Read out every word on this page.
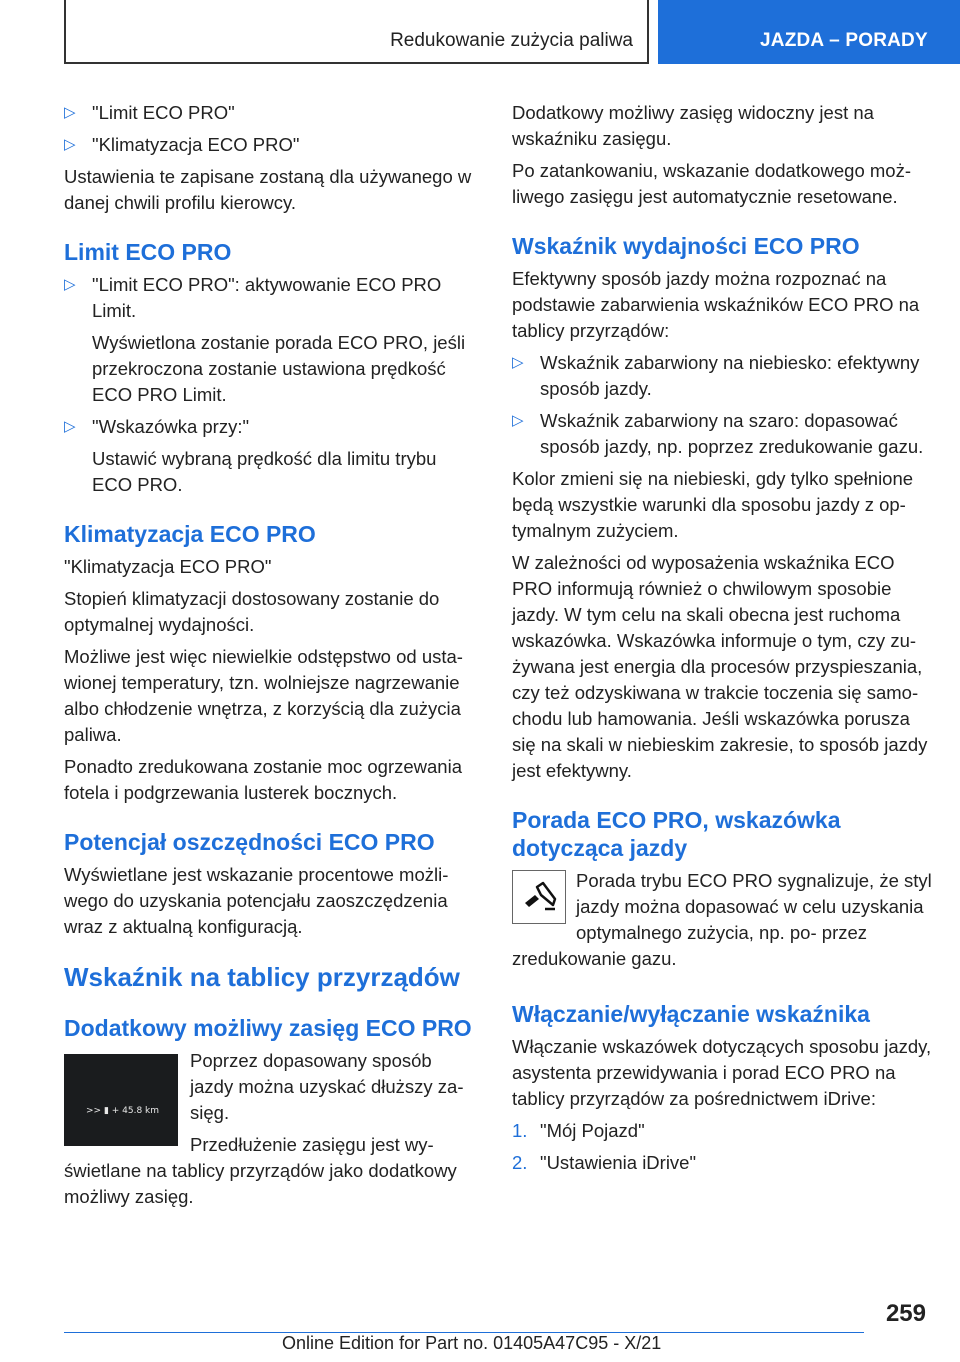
Redukowanie zużycia paliwa	JAZDA – PORADY
▷ "Limit ECO PRO"
▷ "Klimatyzacja ECO PRO"

Ustawienia te zapisane zostaną dla używanego w danej chwili profilu kierowcy.

Limit ECO PRO
▷ "Limit ECO PRO": aktywowanie ECO PRO Limit.
Wyświetlona zostanie porada ECO PRO, jeśli przekroczona zostanie ustawiona prędkość ECO PRO Limit.
▷ "Wskazówka przy:"
Ustawić wybraną prędkość dla limitu trybu ECO PRO.
Klimatyzacja ECO PRO

"Klimatyzacja ECO PRO"

Stopień klimatyzacji dostosowany zostanie do optymalnej wydajności.

Możliwe jest więc niewielkie odstępstwo od usta‐ wionej temperatury, tzn. wolniejsze nagrzewanie albo chłodzenie wnętrza, z korzyścią dla zużycia paliwa.

Ponadto zredukowana zostanie moc ogrzewania fotela i podgrzewania lusterek bocznych.

Potencjał oszczędności ECO PRO

Wyświetlane jest wskazanie procentowe możli‐ wego do uzyskania potencjału zaoszczędzenia wraz z aktualną konfiguracją.

Wskaźnik na tablicy przyrządów
Dodatkowy możliwy zasięg ECO PRO
>> ▮ + 45.8 km

Poprzez dopasowany sposób jazdy można uzyskać dłuższy za‐ sięg.

Przedłużenie zasięgu jest wy‐ świetlane na tablicy przyrządów jako dodatkowy możliwy zasięg.

Dodatkowy możliwy zasięg widoczny jest na wskaźniku zasięgu.

Po zatankowaniu, wskazanie dodatkowego moż‐ liwego zasięgu jest automatycznie resetowane.

Wskaźnik wydajności ECO PRO

Efektywny sposób jazdy można rozpoznać na podstawie zabarwienia wskaźników ECO PRO na tablicy przyrządów:

▷ Wskaźnik zabarwiony na niebiesko: efektywny sposób jazdy.
▷ Wskaźnik zabarwiony na szaro: dopasować sposób jazdy, np. poprzez zredukowanie gazu.

Kolor zmieni się na niebieski, gdy tylko spełnione będą wszystkie warunki dla sposobu jazdy z op‐ tymalnym zużyciem.

W zależności od wyposażenia wskaźnika ECO PRO informują również o chwilowym sposobie jazdy. W tym celu na skali obecna jest ruchoma wskazówka. Wskazówka informuje o tym, czy zu‐ żywana jest energia dla procesów przyspieszania, czy też odzyskiwana w trakcie toczenia się samo‐ chodu lub hamowania. Jeśli wskazówka porusza się na skali w niebieskim zakresie, to sposób jazdy jest efektywny.

Porada ECO PRO, wskazówka dotycząca jazdy

Porada trybu ECO PRO sygnalizuje, że styl jazdy można dopasować w celu uzyskania optymalnego zużycia, np. po‐ przez zredukowanie gazu.

Włączanie/wyłączanie wskaźnika

Włączanie wskazówek dotyczących sposobu jazdy, asystenta przewidywania i porad ECO PRO na tablicy przyrządów za pośrednictwem iDrive:

1. "Mój Pojazd"
2. "Ustawienia iDrive"
259
Online Edition for Part no. 01405A47C95 - X/21
